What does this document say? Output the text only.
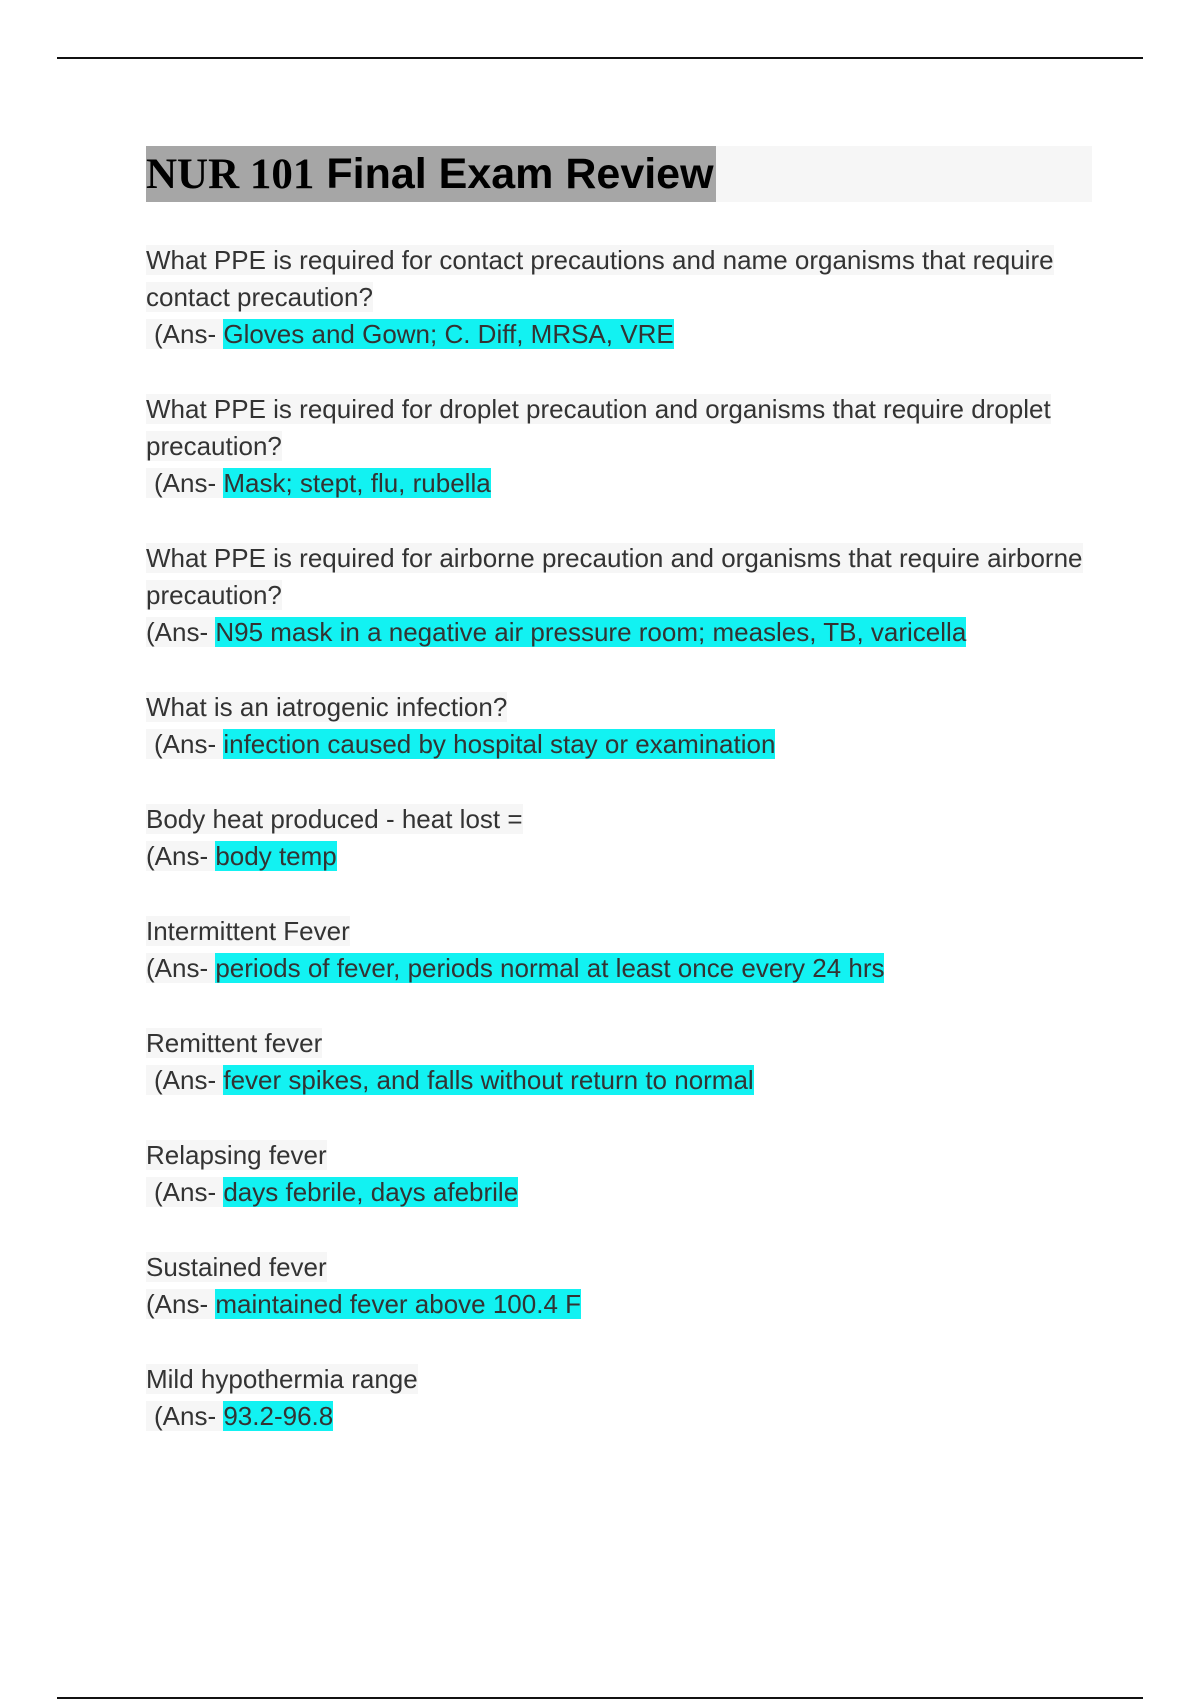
NUR 101 Final Exam Review
What PPE is required for contact precautions and name organisms that require contact precaution?
(Ans- Gloves and Gown; C. Diff, MRSA, VRE
What PPE is required for droplet precaution and organisms that require droplet precaution?
(Ans- Mask; stept, flu, rubella
What PPE is required for airborne precaution and organisms that require airborne precaution?
(Ans- N95 mask in a negative air pressure room; measles, TB, varicella
What is an iatrogenic infection?
(Ans- infection caused by hospital stay or examination
Body heat produced - heat lost =
(Ans- body temp
Intermittent Fever
(Ans- periods of fever, periods normal at least once every 24 hrs
Remittent fever
(Ans- fever spikes, and falls without return to normal
Relapsing fever
(Ans- days febrile, days afebrile
Sustained fever
(Ans- maintained fever above 100.4 F
Mild hypothermia range
(Ans- 93.2-96.8
